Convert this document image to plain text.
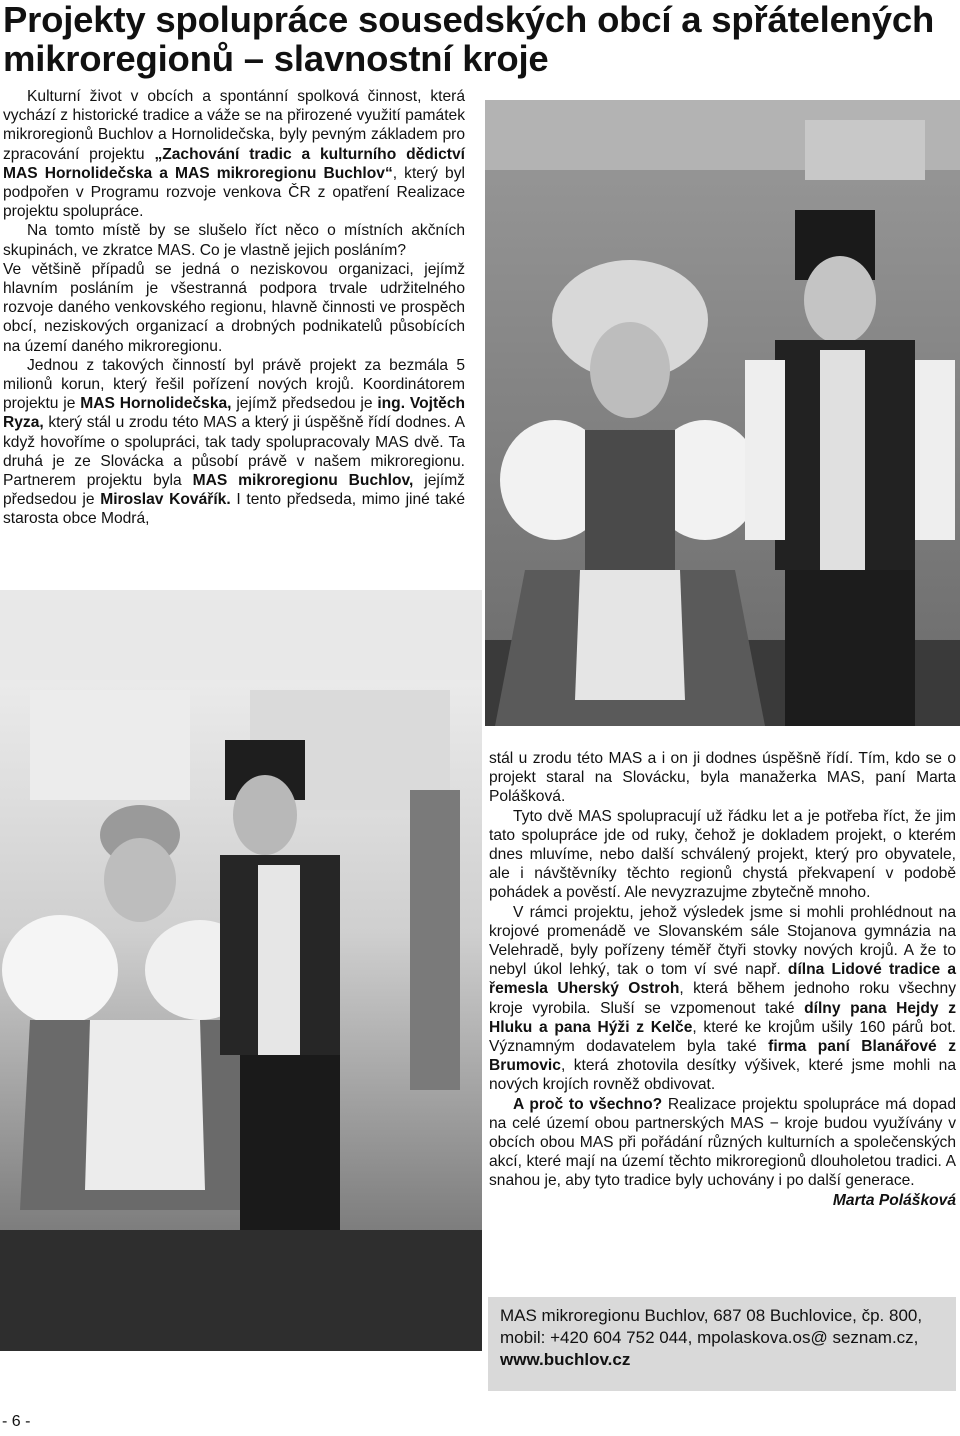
Projekty spolupráce sousedských obcí a spřátelených
mikroregionů – slavnostní kroje

Kulturní život v obcích a spontánní spolková činnost, která vychází z historické tradice a váže se na přirozené využití památek mikroregionů Buchlov a Hornolidečska, byly pevným základem pro zpracování projektu „Zachování tradic a kulturního dědictví MAS Hornolidečska a MAS mikroregionu Buchlov“, který byl podpořen v Programu rozvoje venkova ČR z opatření Realizace projektu spolupráce.

Na tomto místě by se slušelo říct něco o místních akčních skupinách, ve zkratce MAS. Co je vlastně jejich posláním?

Ve většině případů se jedná o neziskovou organizaci, jejímž hlavním posláním je všestranná podpora trvale udržitelného rozvoje daného venkovského regionu, hlavně činnosti ve prospěch obcí, neziskových organizací a drobných podnikatelů působících na území daného mikroregionu.

Jednou z takových činností byl právě projekt za bezmála 5 milionů korun, který řešil pořízení nových krojů. Koordinátorem projektu je MAS Hornolidečska, jejímž předsedou je ing. Vojtěch Ryza, který stál u zrodu této MAS a který ji úspěšně řídí dodnes. A když hovoříme o spolupráci, tak tady spolupracovaly MAS dvě. Ta druhá je ze Slovácka a působí právě v našem mikroregionu. Partnerem projektu byla MAS mikroregionu Buchlov, jejímž předsedou je Miroslav Kovářík. I tento předseda, mimo jiné také starosta obce Modrá,

stál u zrodu této MAS a i on ji dodnes úspěšně řídí. Tím, kdo se o projekt staral na Slovácku, byla manažerka MAS, paní Marta Polášková.

Tyto dvě MAS spolupracují už řádku let a je potřeba říct, že jim tato spolupráce jde od ruky, čehož je dokladem projekt, o kterém dnes mluvíme, nebo další schválený projekt, který pro obyvatele, ale i návštěvníky těchto regionů chystá překvapení v podobě pohádek a pověstí. Ale nevyzrazujme zbytečně mnoho.

V rámci projektu, jehož výsledek jsme si mohli prohlédnout na krojové promenádě ve Slovanském sále Stojanova gymnázia na Velehradě, byly pořízeny téměř čtyři stovky nových krojů. A že to nebyl úkol lehký, tak o tom ví své např. dílna Lidové tradice a řemesla Uherský Ostroh, která během jednoho roku všechny kroje vyrobila. Sluší se vzpomenout také dílny pana Hejdy z Hluku a pana Hýži z Kelče, které ke krojům ušily 160 párů bot. Významným dodavatelem byla také firma paní Blanářové z Brumovic, která zhotovila desítky výšivek, které jsme mohli na nových krojích rovněž obdivovat.

A proč to všechno? Realizace projektu spolupráce má dopad na celé území obou partnerských MAS − kroje budou využívány v obcích obou MAS při pořádání různých kulturních a společenských akcí, které mají na území těchto mikroregionů dlouholetou tradici. A snahou je, aby tyto tradice byly uchovány i po další generace.

Marta Polášková

MAS mikroregionu Buchlov, 687 08 Buchlovice, čp. 800, mobil: +420 604 752 044, mpolaskova.os@ seznam.cz, www.buchlov.cz
- 6 -
